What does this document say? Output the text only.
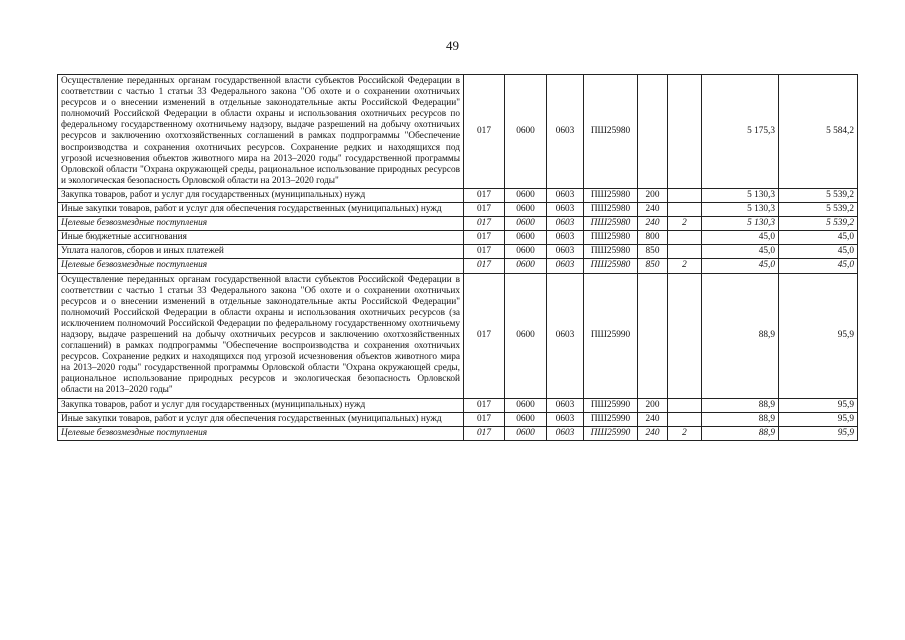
49
Осуществление переданных органам государственной власти субъектов Российской Федерации в соответствии с частью 1 статьи 33 Федерального закона "Об охоте и о сохранении охотничьих ресурсов и о внесении изменений в отдельные законодательные акты Российской Федерации" полномочий Российской Федерации в области охраны и использования охотничьих ресурсов по федеральному государственному охотничьему надзору, выдаче разрешений на добычу охотничьих ресурсов и заключению охотхозяйственных соглашений в рамках подпрограммы "Обеспечение воспроизводства и сохранения охотничьих ресурсов. Сохранение редких и находящихся под угрозой исчезновения объектов животного мира на 2013–2020 годы" государственной программы Орловской области "Охрана окружающей среды, рациональное использование природных ресурсов и экологическая безопасность Орловской области на 2013–2020 годы"	017	0600	0603	ПШ25980			5 175,3	5 584,2
Закупка товаров, работ и услуг для государственных (муниципальных) нужд	017	0600	0603	ПШ25980	200		5 130,3	5 539,2
Иные закупки товаров, работ и услуг для обеспечения государственных (муниципальных) нужд	017	0600	0603	ПШ25980	240		5 130,3	5 539,2
Целевые безвозмездные поступления	017	0600	0603	ПШ25980	240	2	5 130,3	5 539,2
Иные бюджетные ассигнования	017	0600	0603	ПШ25980	800		45,0	45,0
Уплата налогов, сборов и иных платежей	017	0600	0603	ПШ25980	850		45,0	45,0
Целевые безвозмездные поступления	017	0600	0603	ПШ25980	850	2	45,0	45,0
Осуществление переданных органам государственной власти субъектов Российской Федерации в соответствии с частью 1 статьи 33 Федерального закона "Об охоте и о сохранении охотничьих ресурсов и о внесении изменений в отдельные законодательные акты Российской Федерации" полномочий Российской Федерации в области охраны и использования охотничьих ресурсов (за исключением полномочий Российской Федерации по федеральному государственному охотничьему надзору, выдаче разрешений на добычу охотничьих ресурсов и заключению охотхозяйственных соглашений) в рамках подпрограммы "Обеспечение воспроизводства и сохранения охотничьих ресурсов. Сохранение редких и находящихся под угрозой исчезновения объектов животного мира на 2013–2020 годы" государственной программы Орловской области "Охрана окружающей среды, рациональное использование природных ресурсов и экологическая безопасность Орловской области на 2013–2020 годы"	017	0600	0603	ПШ25990			88,9	95,9
Закупка товаров, работ и услуг для государственных (муниципальных) нужд	017	0600	0603	ПШ25990	200		88,9	95,9
Иные закупки товаров, работ и услуг для обеспечения государственных (муниципальных) нужд	017	0600	0603	ПШ25990	240		88,9	95,9
Целевые безвозмездные поступления	017	0600	0603	ПШ25990	240	2	88,9	95,9
